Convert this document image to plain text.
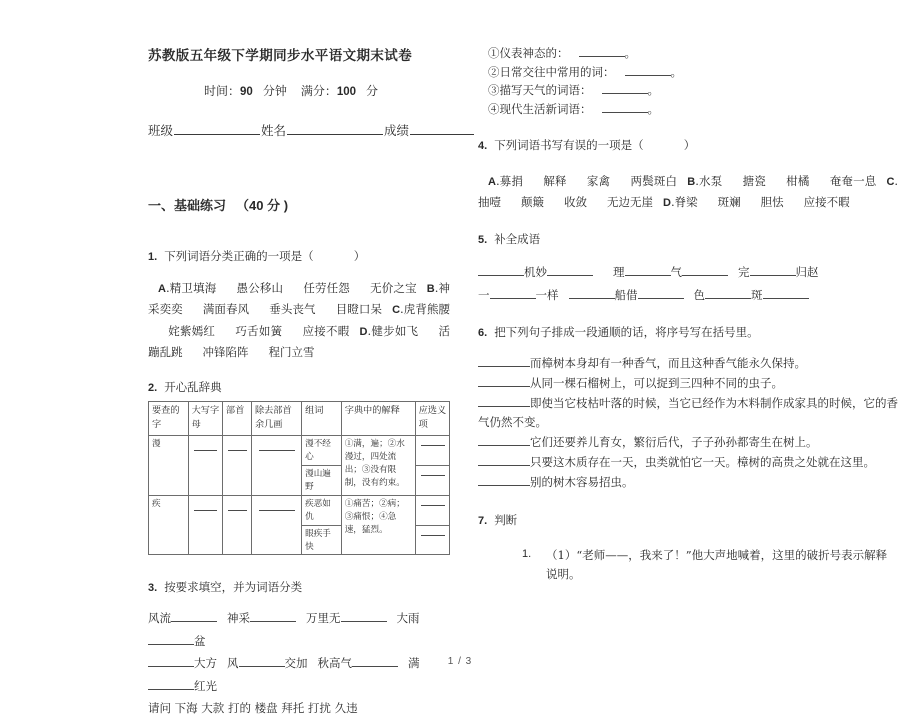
苏教版五年级下学期同步水平语文期末试卷
时间：90 分钟 满分：100 分
班级	姓名	成绩
一、基础练习 （40 分 )
1. 下列词语分类正确的一项是（	）
A.精卫填海 愚公移山 任劳任怨 无价之宝 B.神采奕奕 满面春风 垂头丧气 目瞪口呆 C.虎背熊腰姹紫嫣红 巧舌如簧 应接不暇 D.健步如飞 活蹦乱跳 冲锋陷阵 程门立雪
2. 开心乱辞典
要查的字	大写字母	部首	除去部首余几画	组词	字典中的解释	应选义项
漫				漫不经心	①满，遍；②水漫过，四处流出；③没有限制，没有约束。	

				漫山遍野		

疾				疾恶如仇	①痛苦；②病；③痛恨；④急速，猛烈。	

				眼疾手快		
3. 按要求填空，并为词语分类
风流	神采	万里无	大雨盆
大方 风	交加 秋高气	满红光
请问 下海 大款 打的 楼盘 拜托 打扰 久违
①仪表神态的：	。
②日常交往中常用的词：	。
③描写天气的词语：	。
④现代生活新词语：	。
4. 下列词语书写有误的一项是（	）
A.募捐 解释 家禽 两鬓斑白 B.水泵 搪瓷 柑橘 奄奄一息 C.抽噎 颠簸 收敛 无边无崖 D.脊梁 斑斓 胆怯 应接不暇
5. 补全成语
机妙	理	气	完	归赵
一	一样	船借	色	斑
6. 把下列句子排成一段通顺的话，将序号写在括号里。
而樟树本身却有一种香气，而且这种香气能永久保持。
从同一棵石榴树上，可以捉到三四种不同的虫子。
即使当它枝枯叶落的时候，当它已经作为木料制作成家具的时候，它的香气仍然不变。
它们还要养儿育女，繁衍后代，子子孙孙都寄生在树上。
只要这木质存在一天，虫类就怕它一天。樟树的高贵之处就在这里。
别的树木容易招虫。
7. 判断
1. （1）“老师——，我来了！”他大声地喊着，这里的破折号表示解释说明。
1 / 3
